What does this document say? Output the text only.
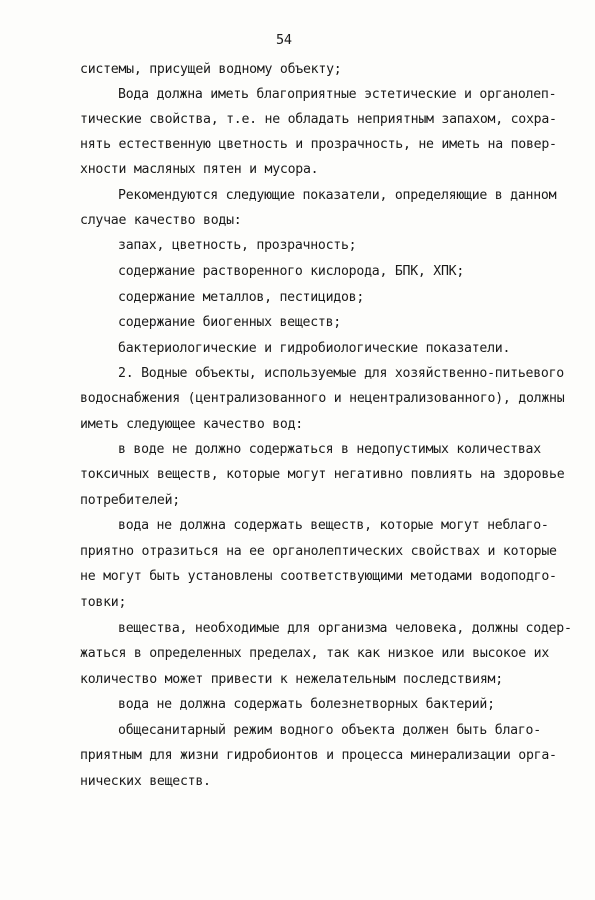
54
системы, присущей водному объекту;
Вода должна иметь благоприятные эстетические и органолеп-
тические свойства, т.е. не обладать неприятным запахом, сохра-
нять естественную цветность и прозрачность, не иметь на повер-
хности масляных пятен и мусора.
Рекомендуются следующие показатели, определяющие в данном
случае качество воды:
запах, цветность, прозрачность;
содержание растворенного кислорода, БПК, ХПК;
содержание металлов, пестицидов;
содержание биогенных веществ;
бактериологические и гидробиологические показатели.
2. Водные объекты, используемые для хозяйственно-питьевого
водоснабжения (централизованного и нецентрализованного), должны
иметь следующее качество вод:
в воде не должно содержаться в недопустимых количествах
токсичных веществ, которые могут негативно повлиять на здоровье
потребителей;
вода не должна содержать веществ, которые могут неблаго-
приятно отразиться на ее органолептических свойствах и которые
не могут быть установлены соответствующими методами водоподго-
товки;
вещества, необходимые для организма человека, должны содер-
жаться в определенных пределах, так как низкое или высокое их
количество может привести к нежелательным последствиям;
вода не должна содержать болезнетворных бактерий;
общесанитарный режим водного объекта должен быть благо-
приятным для жизни гидробионтов и процесса минерализации орга-
нических веществ.
